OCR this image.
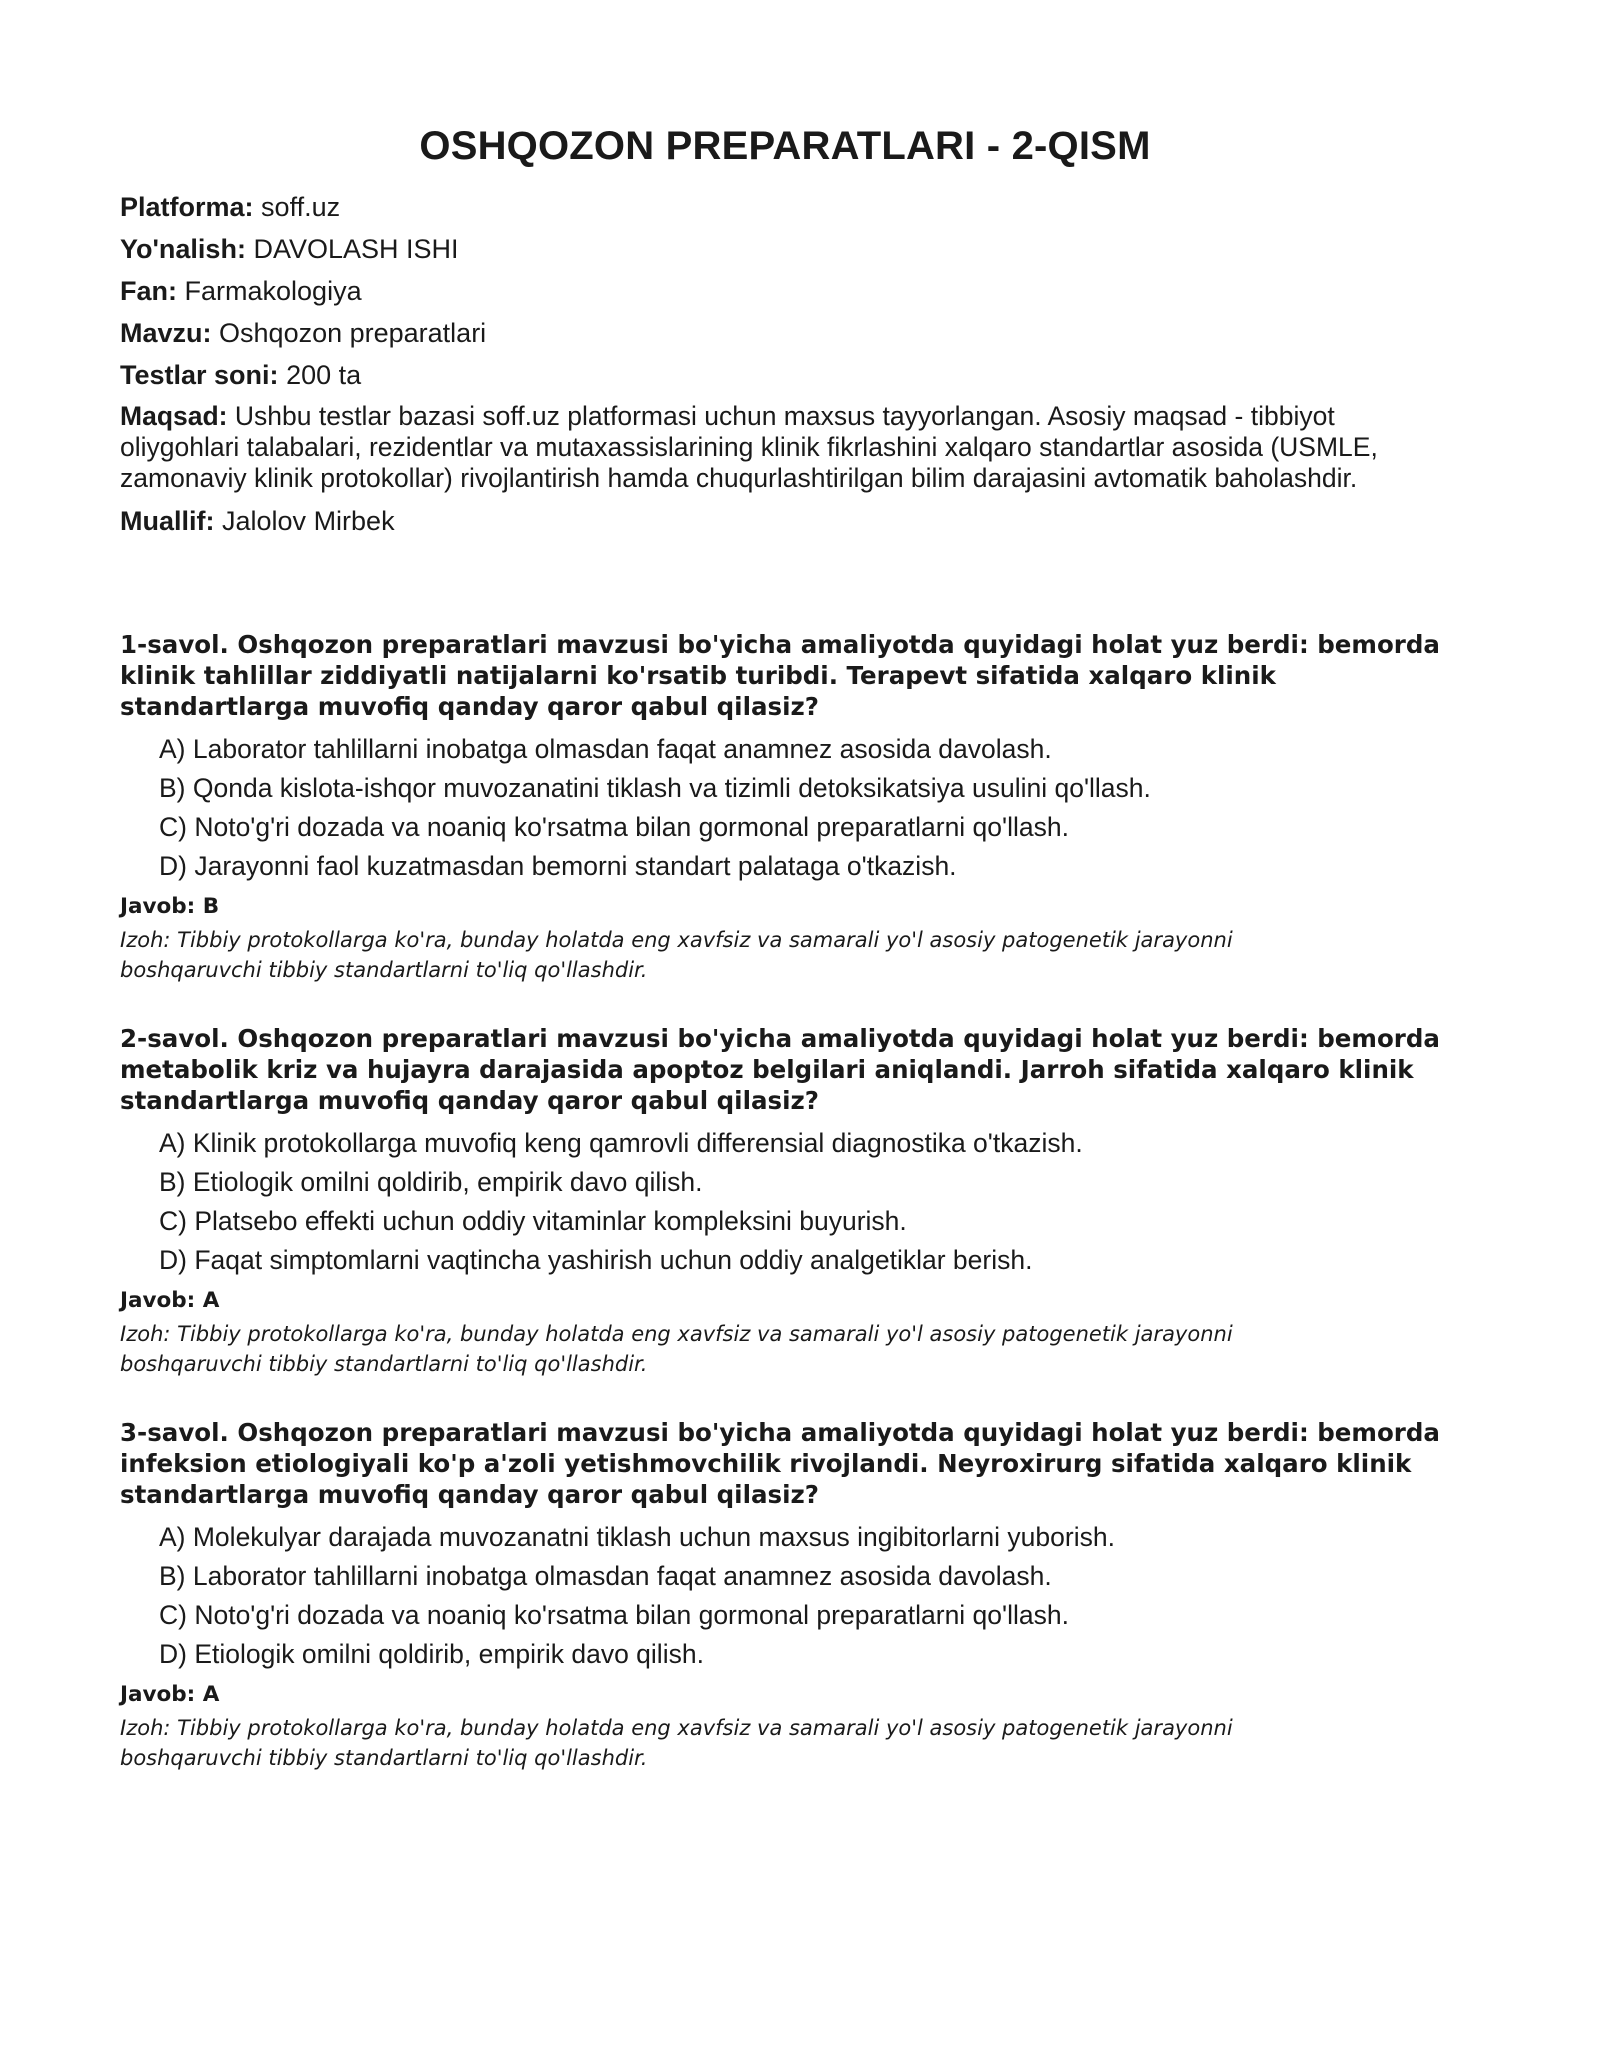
OSHQOZON PREPARATLARI - 2-QISM
Platforma: soff.uz
Yo'nalish: DAVOLASH ISHI
Fan: Farmakologiya
Mavzu: Oshqozon preparatlari
Testlar soni: 200 ta
Maqsad: Ushbu testlar bazasi soff.uz platformasi uchun maxsus tayyorlangan. Asosiy maqsad - tibbiyot oliygohlari talabalari, rezidentlar va mutaxassislarining klinik fikrlashini xalqaro standartlar asosida (USMLE, zamonaviy klinik protokollar) rivojlantirish hamda chuqurlashtirilgan bilim darajasini avtomatik baholashdir.
Muallif: Jalolov Mirbek
1-savol. Oshqozon preparatlari mavzusi bo'yicha amaliyotda quyidagi holat yuz berdi: bemorda klinik tahlillar ziddiyatli natijalarni ko'rsatib turibdi. Terapevt sifatida xalqaro klinik standartlarga muvofiq qanday qaror qabul qilasiz?
A) Laborator tahlillarni inobatga olmasdan faqat anamnez asosida davolash.
B) Qonda kislota-ishqor muvozanatini tiklash va tizimli detoksikatsiya usulini qo'llash.
C) Noto'g'ri dozada va noaniq ko'rsatma bilan gormonal preparatlarni qo'llash.
D) Jarayonni faol kuzatmasdan bemorni standart palataga o'tkazish.
Javob: B
Izoh: Tibbiy protokollarga ko'ra, bunday holatda eng xavfsiz va samarali yo'l asosiy patogenetik jarayonni boshqaruvchi tibbiy standartlarni to'liq qo'llashdir.
2-savol. Oshqozon preparatlari mavzusi bo'yicha amaliyotda quyidagi holat yuz berdi: bemorda metabolik kriz va hujayra darajasida apoptoz belgilari aniqlandi. Jarroh sifatida xalqaro klinik standartlarga muvofiq qanday qaror qabul qilasiz?
A) Klinik protokollarga muvofiq keng qamrovli differensial diagnostika o'tkazish.
B) Etiologik omilni qoldirib, empirik davo qilish.
C) Platsebo effekti uchun oddiy vitaminlar kompleksini buyurish.
D) Faqat simptomlarni vaqtincha yashirish uchun oddiy analgetiklar berish.
Javob: A
Izoh: Tibbiy protokollarga ko'ra, bunday holatda eng xavfsiz va samarali yo'l asosiy patogenetik jarayonni boshqaruvchi tibbiy standartlarni to'liq qo'llashdir.
3-savol. Oshqozon preparatlari mavzusi bo'yicha amaliyotda quyidagi holat yuz berdi: bemorda infeksion etiologiyali ko'p a'zoli yetishmovchilik rivojlandi. Neyroxirurg sifatida xalqaro klinik standartlarga muvofiq qanday qaror qabul qilasiz?
A) Molekulyar darajada muvozanatni tiklash uchun maxsus ingibitorlarni yuborish.
B) Laborator tahlillarni inobatga olmasdan faqat anamnez asosida davolash.
C) Noto'g'ri dozada va noaniq ko'rsatma bilan gormonal preparatlarni qo'llash.
D) Etiologik omilni qoldirib, empirik davo qilish.
Javob: A
Izoh: Tibbiy protokollarga ko'ra, bunday holatda eng xavfsiz va samarali yo'l asosiy patogenetik jarayonni boshqaruvchi tibbiy standartlarni to'liq qo'llashdir.
